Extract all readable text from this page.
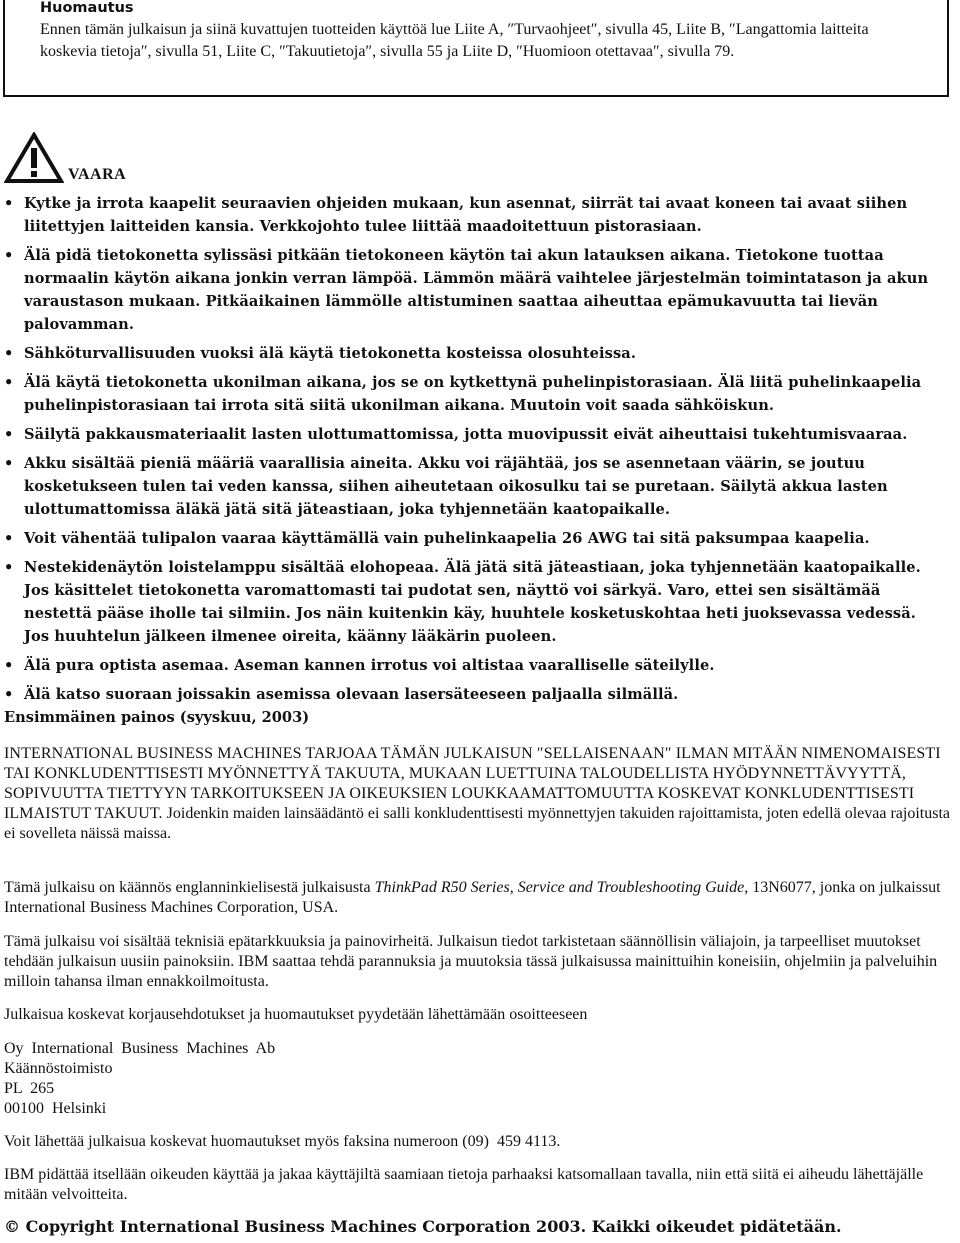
Huomautus
Ennen tämän julkaisun ja siinä kuvattujen tuotteiden käyttöä lue Liite A, ″Turvaohjeet″, sivulla 45, Liite B, ″Langattomia laitteita koskevia tietoja″, sivulla 51, Liite C, ″Takuutietoja″, sivulla 55 ja Liite D, ″Huomioon otettavaa″, sivulla 79.
VAARA
• Kytke ja irrota kaapelit seuraavien ohjeiden mukaan, kun asennat, siirrät tai avaat koneen tai avaat siihen liitettyjen laitteiden kansia. Verkkojohto tulee liittää maadoitettuun pistorasiaan.
• Älä pidä tietokonetta sylissäsi pitkään tietokoneen käytön tai akun latauksen aikana. Tietokone tuottaa normaalin käytön aikana jonkin verran lämpöä. Lämmön määrä vaihtelee järjestelmän toimintatason ja akun varaustason mukaan. Pitkäaikainen lämmölle altistuminen saattaa aiheuttaa epämukavuutta tai lievän palovamman.
• Sähköturvallisuuden vuoksi älä käytä tietokonetta kosteissa olosuhteissa.
• Älä käytä tietokonetta ukonilman aikana, jos se on kytkettynä puhelinpistorasiaan. Älä liitä puhelinkaapelia puhelinpistorasiaan tai irrota sitä siitä ukonilman aikana. Muutoin voit saada sähköiskun.
• Säilytä pakkausmateriaalit lasten ulottumattomissa, jotta muovipussit eivät aiheuttaisi tukehtumisvaaraa.
• Akku sisältää pieniä määriä vaarallisia aineita. Akku voi räjähtää, jos se asennetaan väärin, se joutuu kosketukseen tulen tai veden kanssa, siihen aiheutetaan oikosulku tai se puretaan. Säilytä akkua lasten ulottumattomissa äläkä jätä sitä jäteastiaan, joka tyhjennetään kaatopaikalle.
• Voit vähentää tulipalon vaaraa käyttämällä vain puhelinkaapelia 26 AWG tai sitä paksumpaa kaapelia.
• Nestekidenäytön loistelamppu sisältää elohopeaa. Älä jätä sitä jäteastiaan, joka tyhjennetään kaatopaikalle. Jos käsittelet tietokonetta varomattomasti tai pudotat sen, näyttö voi särkyä. Varo, ettei sen sisältämää nestettä pääse iholle tai silmiin. Jos näin kuitenkin käy, huuhtele kosketuskohtaa heti juoksevassa vedessä. Jos huuhtelun jälkeen ilmenee oireita, käänny lääkärin puoleen.
• Älä pura optista asemaa. Aseman kannen irrotus voi altistaa vaaralliselle säteilylle.
• Älä katso suoraan joissakin asemissa olevaan lasersäteeseen paljaalla silmällä.
Ensimmäinen painos (syyskuu, 2003)
INTERNATIONAL BUSINESS MACHINES TARJOAA TÄMÄN JULKAISUN ″SELLAISENAAN″ ILMAN MITÄÄN NIMENOMAISESTI TAI KONKLUDENTTISESTI MYÖNNETTYÄ TAKUUTA, MUKAAN LUETTUINA TALOUDELLISTA HYÖDYNNETTÄVYYTTÄ, SOPIVUUTTA TIETTYYN TARKOITUKSEEN JA OIKEUKSIEN LOUKKAAMATTOMUUTTA KOSKEVAT KONKLUDENTTISESTI ILMAISTUT TAKUUT. Joidenkin maiden lainsäädäntö ei salli konkludenttisesti myönnettyjen takuiden rajoittamista, joten edellä olevaa rajoitusta ei sovelleta näissä maissa.
Tämä julkaisu on käännös englanninkielisestä julkaisusta ThinkPad R50 Series, Service and Troubleshooting Guide, 13N6077, jonka on julkaissut International Business Machines Corporation, USA.
Tämä julkaisu voi sisältää teknisiä epätarkkuuksia ja painovirheitä. Julkaisun tiedot tarkistetaan säännöllisin väliajoin, ja tarpeelliset muutokset tehdään julkaisun uusiin painoksiin. IBM saattaa tehdä parannuksia ja muutoksia tässä julkaisussa mainittuihin koneisiin, ohjelmiin ja palveluihin milloin tahansa ilman ennakkoilmoitusta.
Julkaisua koskevat korjausehdotukset ja huomautukset pyydetään lähettämään osoitteeseen
Oy  International  Business  Machines  Ab
Käännöstoimisto
PL  265
00100  Helsinki
Voit lähettää julkaisua koskevat huomautukset myös faksina numeroon (09)  459 4113.
IBM pidättää itsellään oikeuden käyttää ja jakaa käyttäjiltä saamiaan tietoja parhaaksi katsomallaan tavalla, niin että siitä ei aiheudu lähettäjälle mitään velvoitteita.
© Copyright International Business Machines Corporation 2003. Kaikki oikeudet pidätetään.
